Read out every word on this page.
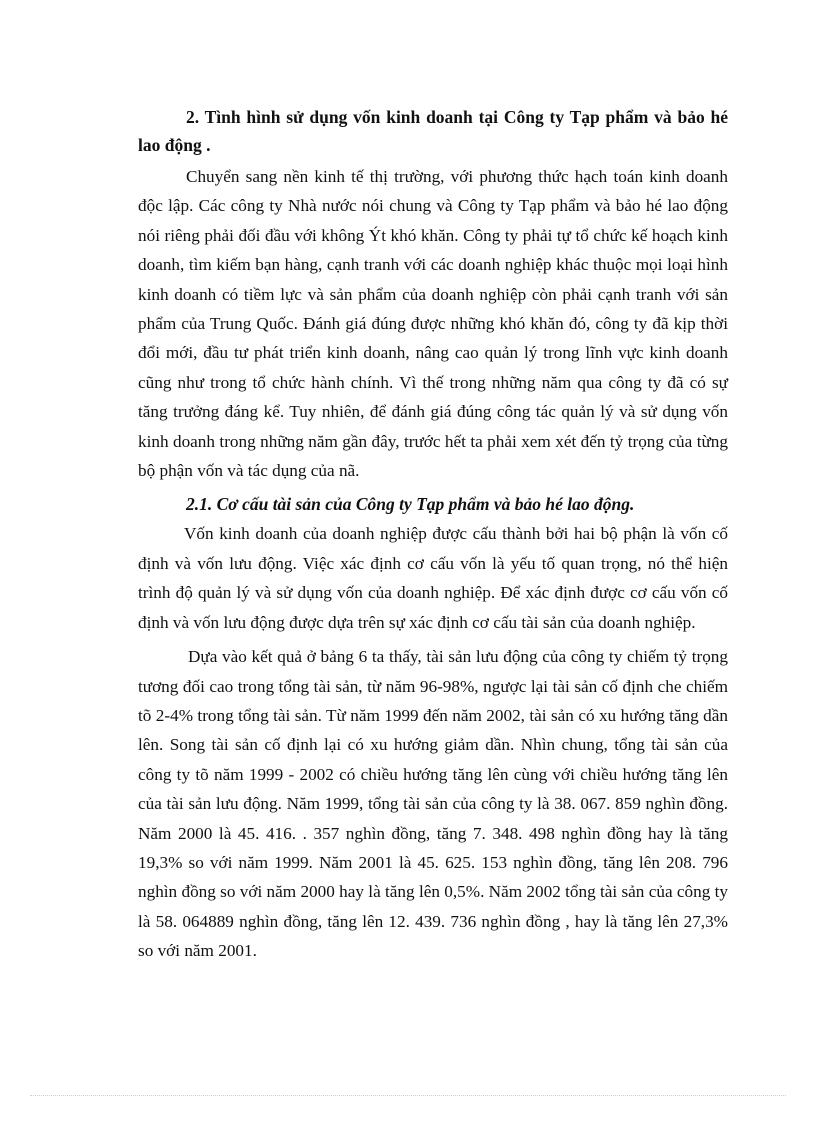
2. Tình hình sử dụng vốn kinh doanh tại Công ty Tạp phẩm và bảo hé lao động .

Chuyển sang nền kinh tế thị trường, với phương thức hạch toán kinh doanh độc lập. Các công ty Nhà nước nói chung và Công ty Tạp phẩm và bảo hé lao động nói riêng phải đối đầu với không Ýt khó khăn. Công ty phải tự tổ chức kế hoạch kinh doanh, tìm kiếm bạn hàng, cạnh tranh với các doanh nghiệp khác thuộc mọi loại hình kinh doanh có tiềm lực và sản phẩm của doanh nghiệp còn phải cạnh tranh với sản phẩm của Trung Quốc. Đánh giá đúng được những khó khăn đó, công ty đã kịp thời đổi mới, đầu tư phát triển kinh doanh, nâng cao quản lý trong lĩnh vực kinh doanh cũng như trong tổ chức hành chính. Vì thế trong những năm qua công ty đã có sự tăng trưởng đáng kể. Tuy nhiên, để đánh giá đúng công tác quản lý và sử dụng vốn kinh doanh trong những năm gần đây, trước hết ta phải xem xét đến tỷ trọng của từng bộ phận vốn và tác dụng của nã.

2.1. Cơ cấu tài sản của Công ty Tạp phẩm và bảo hé lao động.

Vốn kinh doanh của doanh nghiệp được cấu thành bởi hai bộ phận là vốn cố định và vốn lưu động. Việc xác định cơ cấu vốn là yếu tố quan trọng, nó thể hiện trình độ quản lý và sử dụng vốn của doanh nghiệp. Để xác định được cơ cấu vốn cố định và vốn lưu động được dựa trên sự xác định cơ cấu tài sản của doanh nghiệp.

Dựa vào kết quả ở bảng 6 ta thấy, tài sản lưu động của công ty chiếm tỷ trọng tương đối cao trong tổng tài sản, từ năm 96-98%, ngược lại tài sản cố định che chiếm tõ 2-4% trong tổng tài sản. Từ năm 1999 đến năm 2002, tài sản có xu hướng tăng dần lên. Song tài sản cố định lại có xu hướng giảm dần. Nhìn chung, tổng tài sản của công ty tõ năm 1999 - 2002 có chiều hướng tăng lên cùng với chiều hướng tăng lên của tài sản lưu động. Năm 1999, tổng tài sản của công ty là 38. 067. 859 nghìn đồng. Năm 2000 là 45. 416. . 357 nghìn đồng, tăng 7. 348. 498 nghìn đồng hay là tăng 19,3% so với năm 1999. Năm 2001 là 45. 625. 153 nghìn đồng, tăng lên 208. 796 nghìn đồng so với năm 2000 hay là tăng lên 0,5%. Năm 2002 tổng tài sản của công ty là 58. 064889 nghìn đồng, tăng lên 12. 439. 736 nghìn đồng , hay là tăng lên 27,3% so với năm 2001.
